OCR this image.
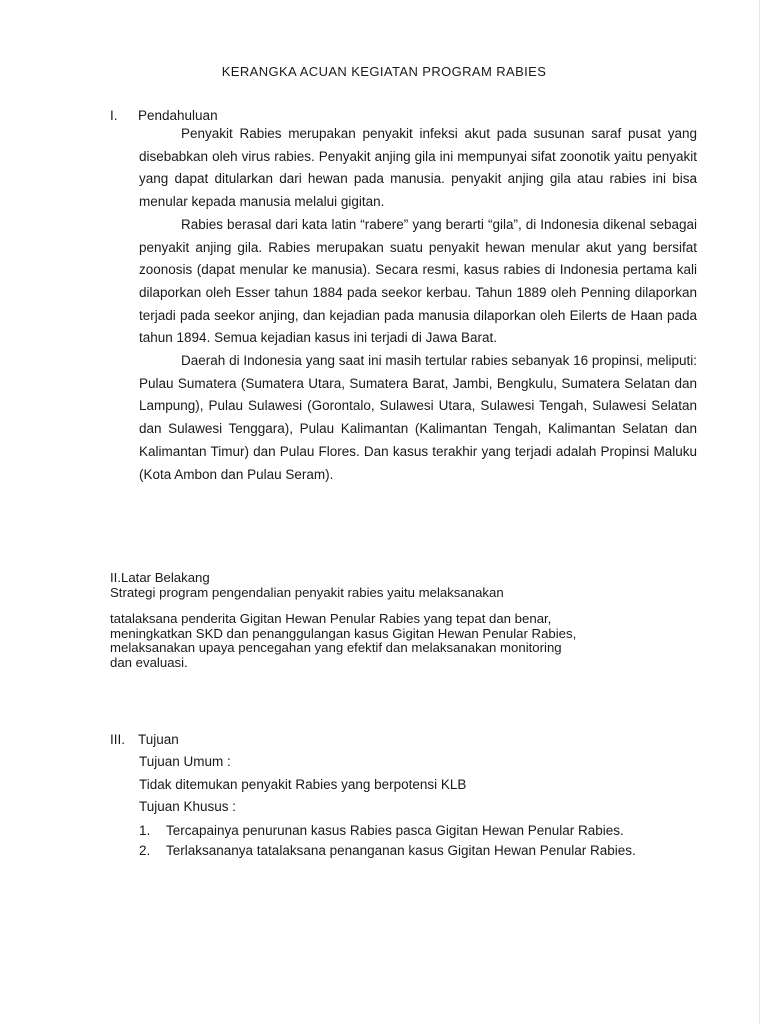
KERANGKA ACUAN KEGIATAN PROGRAM RABIES
I. Pendahuluan

Penyakit Rabies merupakan penyakit infeksi akut pada susunan saraf pusat yang disebabkan oleh virus rabies. Penyakit anjing gila ini mempunyai sifat zoonotik yaitu penyakit yang dapat ditularkan dari hewan pada manusia. penyakit anjing gila atau rabies ini bisa menular kepada manusia melalui gigitan.

Rabies berasal dari kata latin “rabere” yang berarti “gila”, di Indonesia dikenal sebagai penyakit anjing gila. Rabies merupakan suatu penyakit hewan menular akut yang bersifat zoonosis (dapat menular ke manusia). Secara resmi, kasus rabies di Indonesia pertama kali dilaporkan oleh Esser tahun 1884 pada seekor kerbau. Tahun 1889 oleh Penning dilaporkan terjadi pada seekor anjing, dan kejadian pada manusia dilaporkan oleh Eilerts de Haan pada tahun 1894. Semua kejadian kasus ini terjadi di Jawa Barat.

Daerah di Indonesia yang saat ini masih tertular rabies sebanyak 16 propinsi, meliputi: Pulau Sumatera (Sumatera Utara, Sumatera Barat, Jambi, Bengkulu, Sumatera Selatan dan Lampung), Pulau Sulawesi (Gorontalo, Sulawesi Utara, Sulawesi Tengah, Sulawesi Selatan dan Sulawesi Tenggara), Pulau Kalimantan (Kalimantan Tengah, Kalimantan Selatan dan Kalimantan Timur) dan Pulau Flores. Dan kasus terakhir yang terjadi adalah Propinsi Maluku (Kota Ambon dan Pulau Seram).

II.Latar Belakang

Strategi program pengendalian penyakit rabies yaitu melaksanakan

tatalaksana penderita Gigitan Hewan Penular Rabies yang tepat dan benar,

meningkatkan SKD dan penanggulangan kasus Gigitan Hewan Penular Rabies,

melaksanakan upaya pencegahan yang efektif dan melaksanakan monitoring

dan evaluasi.

III. Tujuan
Tujuan Umum :
Tidak ditemukan penyakit Rabies yang berpotensi KLB
Tujuan Khusus :
1. Tercapainya penurunan kasus Rabies pasca Gigitan Hewan Penular Rabies.
2. Terlaksananya tatalaksana penanganan kasus Gigitan Hewan Penular Rabies.
